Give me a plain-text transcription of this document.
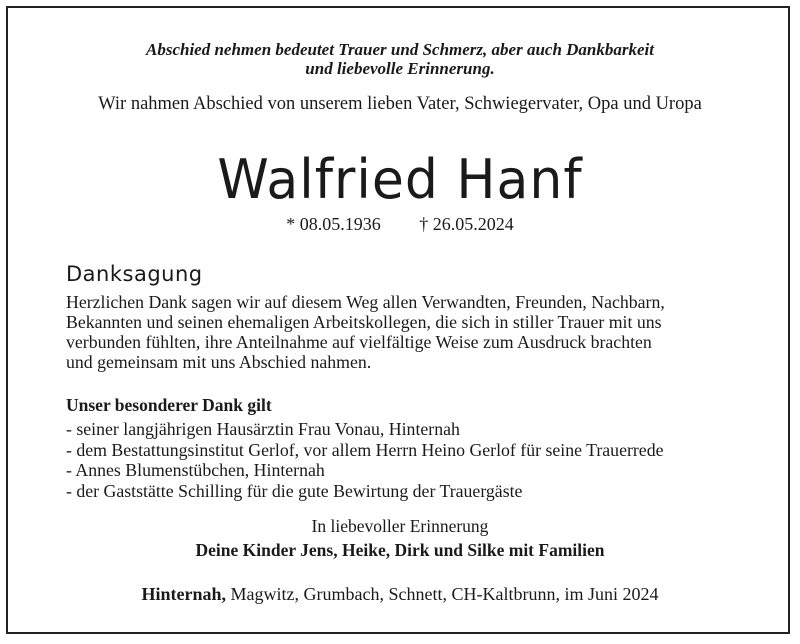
Abschied nehmen bedeutet Trauer und Schmerz, aber auch Dankbarkeit
und liebevolle Erinnerung.
Wir nahmen Abschied von unserem lieben Vater, Schwiegervater, Opa und Uropa
Walfried Hanf
* 08.05.1936 † 26.05.2024
Danksagung
Herzlichen Dank sagen wir auf diesem Weg allen Verwandten, Freunden, Nachbarn,
Bekannten und seinen ehemaligen Arbeitskollegen, die sich in stiller Trauer mit uns
verbunden fühlten, ihre Anteilnahme auf vielfältige Weise zum Ausdruck brachten
und gemeinsam mit uns Abschied nahmen.
Unser besonderer Dank gilt
- seiner langjährigen Hausärztin Frau Vonau, Hinternah
- dem Bestattungsinstitut Gerlof, vor allem Herrn Heino Gerlof für seine Trauerrede
- Annes Blumenstübchen, Hinternah
- der Gaststätte Schilling für die gute Bewirtung der Trauergäste
In liebevoller Erinnerung
Deine Kinder Jens, Heike, Dirk und Silke mit Familien
Hinternah, Magwitz, Grumbach, Schnett, CH-Kaltbrunn, im Juni 2024
